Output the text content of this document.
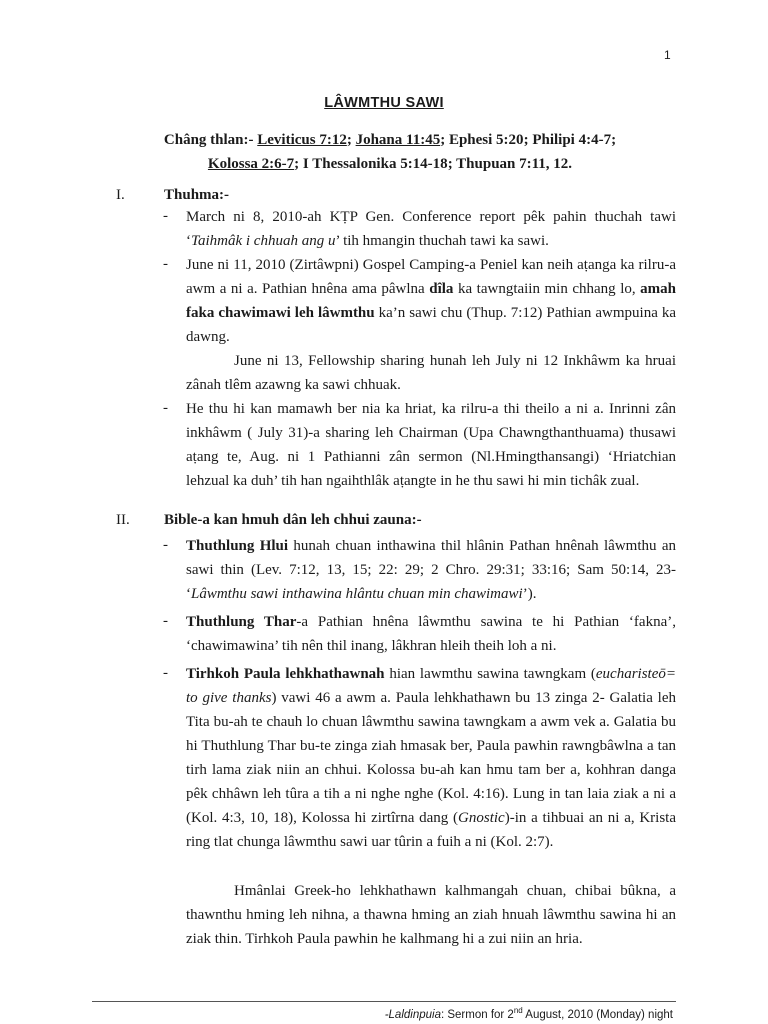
1
LÂWMTHU SAWI
Châng thlan:- Leviticus 7:12; Johana 11:45; Ephesi 5:20; Philipi 4:4-7;
Kolossa 2:6-7; I Thessalonika 5:14-18; Thupuan 7:11, 12.
I.	Thuhma:-
- March ni 8, 2010-ah KṬP Gen. Conference report pêk pahin thuchah tawi ‘Taihmâk i chhuah ang u’ tih hmangin thuchah tawi ka sawi.
- June ni 11, 2010 (Zirtâwpni) Gospel Camping-a Peniel kan neih aṭanga ka rilru-a awm a ni a. Pathian hnêna ama pâwlna dîla ka tawngtaiin min chhang lo, amah faka chawimawi leh lâwmthu ka’n sawi chu (Thup. 7:12) Pathian awmpuina ka dawng.
June ni 13, Fellowship sharing hunah leh July ni 12 Inkhâwm ka hruai zânah tlêm azawng ka sawi chhuak.
- He thu hi kan mamawh ber nia ka hriat, ka rilru-a thi theilo a ni a. Inrinni zân inkhâwm ( July 31)-a sharing leh Chairman (Upa Chawngthanthuama) thusawi aṭang te, Aug. ni 1 Pathianni zân sermon (Nl.Hmingthansangi) ‘Hriatchian lehzual ka duh’ tih han ngaihthlâk aṭangte in he thu sawi hi min tichâk zual.
II. Bible-a kan hmuh dân leh chhui zauna:-
- Thuthlung Hlui hunah chuan inthawina thil hlânin Pathan hnênah lâwmthu an sawi thin (Lev. 7:12, 13, 15; 22: 29; 2 Chro. 29:31; 33:16; Sam 50:14, 23- ‘Lâwmthu sawi inthawina hlântu chuan min chawimawi’).
- Thuthlung Thar-a Pathian hnêna lâwmthu sawina te hi Pathian ‘fakna’, ‘chawimawina’ tih nên thil inang, lâkhran hleih theih loh a ni.
- Tirhkoh Paula lehkhathawnah hian lawmthu sawina tawngkam (eucharisteō= to give thanks) vawi 46 a awm a. Paula lehkhathawn bu 13 zinga 2- Galatia leh Tita bu-ah te chauh lo chuan lâwmthu sawina tawngkam a awm vek a. Galatia bu hi Thuthlung Thar bu-te zinga ziah hmasak ber, Paula pawhin rawngbâwlna a tan tirh lama ziak niin an chhui. Kolossa bu-ah kan hmu tam ber a, kohhran danga pêk chhâwn leh tûra a tih a ni nghe nghe (Kol. 4:16). Lung in tan laia ziak a ni a (Kol. 4:3, 10, 18), Kolossa hi zirtîrna dang (Gnostic)-in a tihbuai an ni a, Krista ring tlat chunga lâwmthu sawi uar tûrin a fuih a ni (Kol. 2:7).
Hmânlai Greek-ho lehkhathawn kalhmangah chuan, chibai bûkna, a thawnthu hming leh nihna, a thawna hming an ziah hnuah lâwmthu sawina hi an ziak thin. Tirhkoh Paula pawhin he kalhmang hi a zui niin an hria.
-Laldinpuia: Sermon for 2nd August, 2010 (Monday) night
